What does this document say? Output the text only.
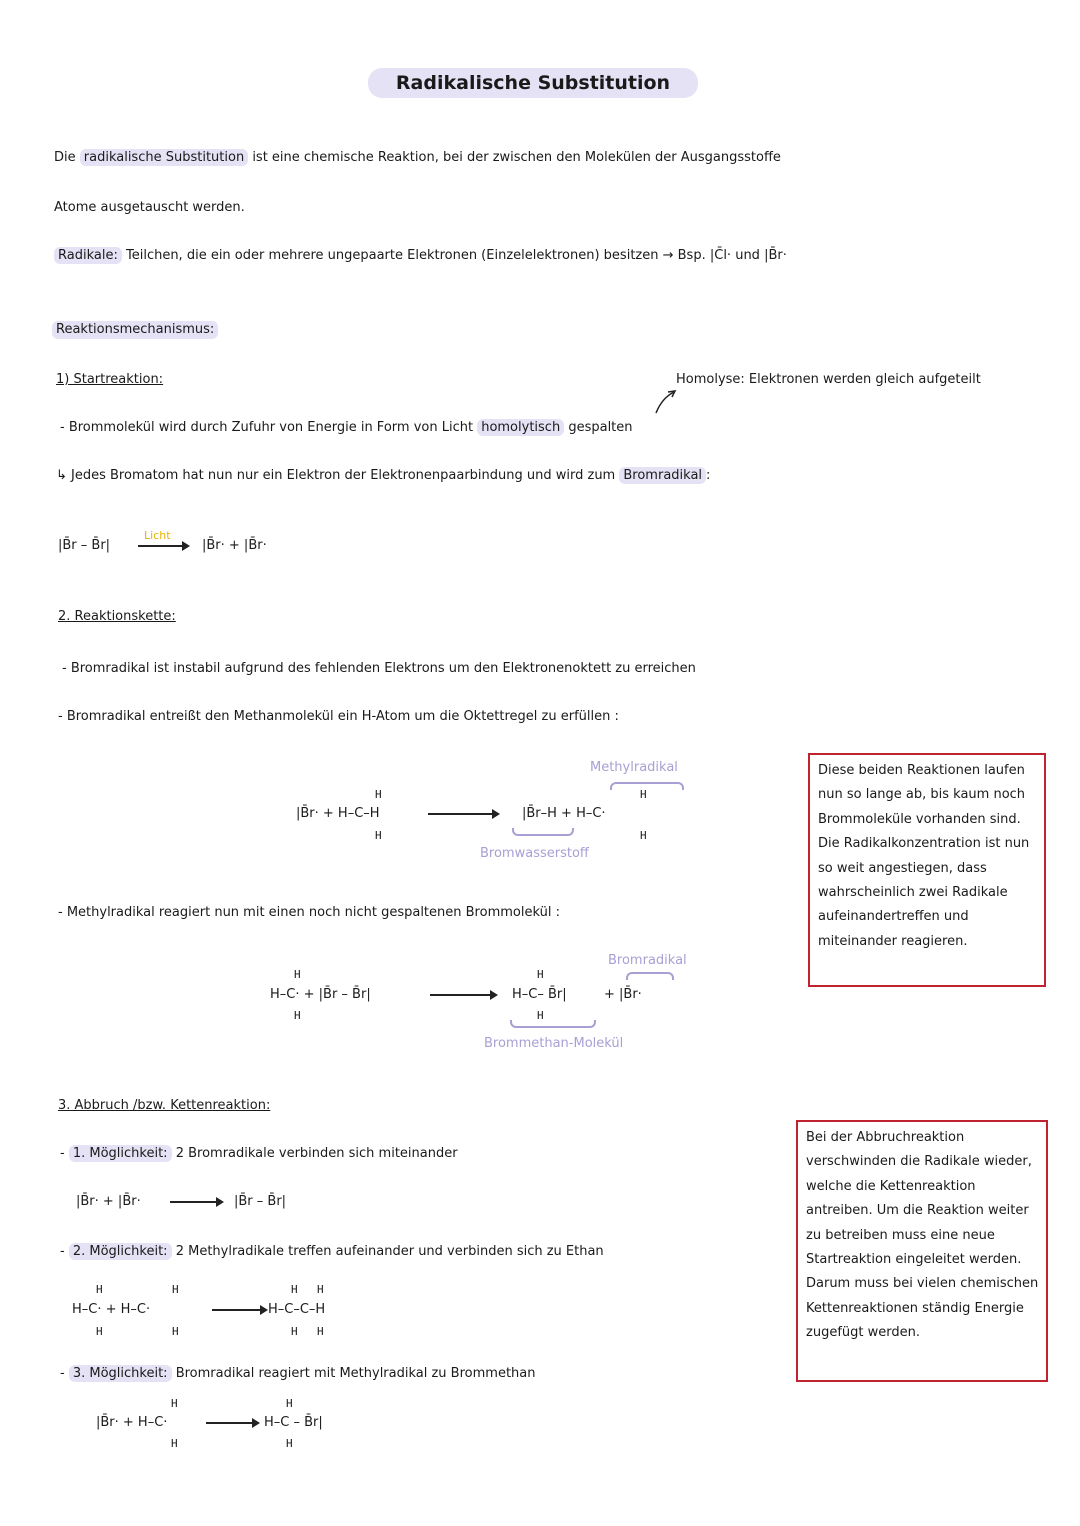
Radikalische Substitution
Die radikalische Substitution ist eine chemische Reaktion, bei der zwischen den Molekülen der Ausgangsstoffe
Atome ausgetauscht werden.
Radikale: Teilchen, die ein oder mehrere ungepaarte Elektronen (Einzelelektronen) besitzen → Bsp. |C̄l· und |B̄r·
Reaktionsmechanismus:
1) Startreaktion:	Homolyse: Elektronen werden gleich aufgeteilt
- Brommolekül wird durch Zufuhr von Energie in Form von Licht homolytisch gespalten
↳ Jedes Bromatom hat nun nur ein Elektron der Elektronenpaarbindung und wird zum Bromradikal :
|B̄r – B̄r|
Licht
→ |B̄r· + |B̄r·
2. Reaktionskette:
- Bromradikal ist instabil aufgrund des fehlenden Elektrons um den Elektronenoktett zu erreichen
- Bromradikal entreißt den Methanmolekül ein H-Atom um die Oktettregel zu erfüllen :
Methylradikal
H
H
|B̄r· + H–C–H
H
H
|B̄r–H + H–C·
Bromwasserstoff
- Methylradikal reagiert nun mit einen noch nicht gespaltenen Brommolekül :
H
H
H–C· + |B̄r – B̄r|
Bromradikal
H
H
H–C– B̄r|	+ |B̄r·
Brommethan-Molekül
Diese beiden Reaktionen laufen nun so lange ab, bis kaum noch Brommoleküle vorhanden sind. Die Radikalkonzentration ist nun so weit angestiegen, dass wahrscheinlich zwei Radikale aufeinandertreffen und miteinander reagieren.
3. Abbruch /bzw. Kettenreaktion:
- 1. Möglichkeit: 2 Bromradikale verbinden sich miteinander
|B̄r· + |B̄r· → |B̄r – B̄r|
- 2. Möglichkeit: 2 Methylradikale treffen aufeinander und verbinden sich zu Ethan
H
H
H
H
H–C· + H–C·
H
H
H
H
H–C–C–H
- 3. Möglichkeit: Bromradikal reagiert mit Methylradikal zu Brommethan
H
H
|B̄r· + H–C·
H
H
H–C – B̄r|
Bei der Abbruchreaktion verschwinden die Radikale wieder, welche die Kettenreaktion antreiben. Um die Reaktion weiter zu betreiben muss eine neue Startreaktion eingeleitet werden. Darum muss bei vielen chemischen Kettenreaktionen ständig Energie zugefügt werden.
